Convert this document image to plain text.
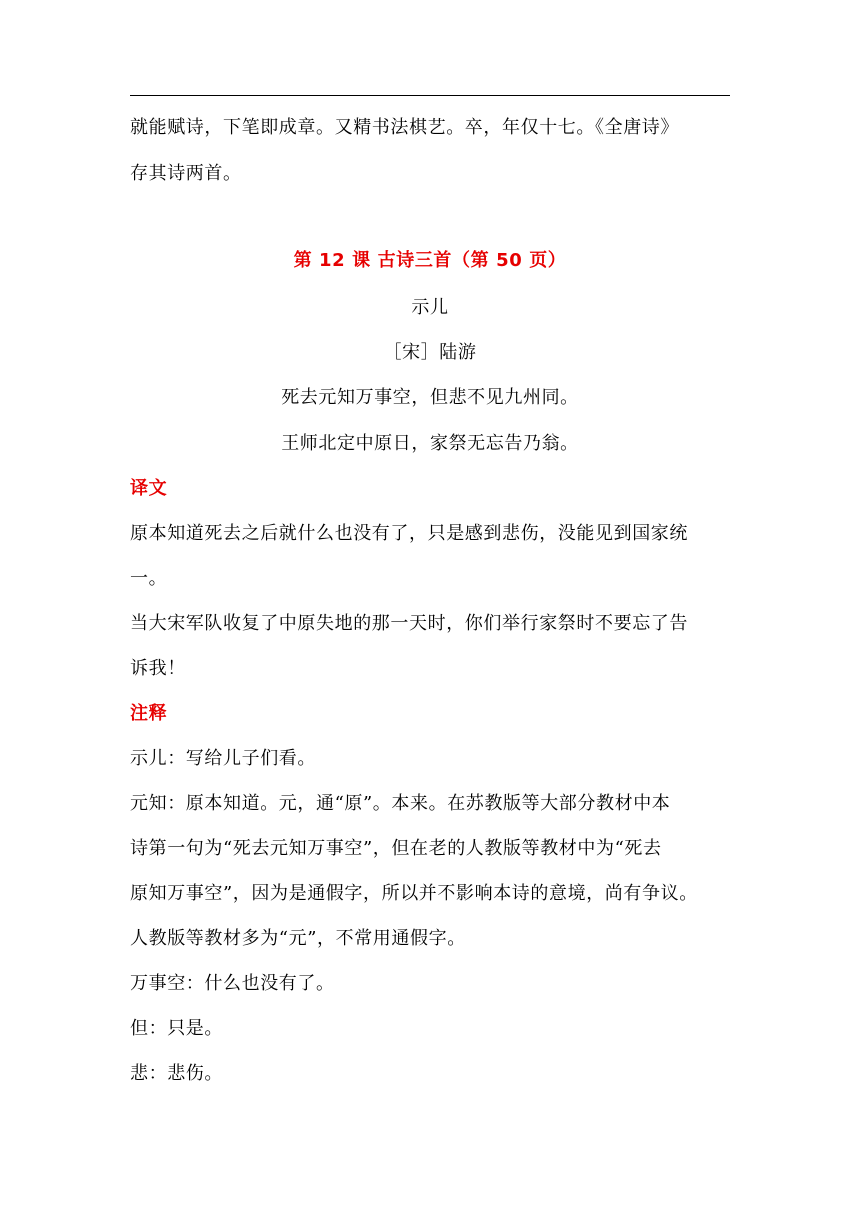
就能赋诗，下笔即成章。又精书法棋艺。卒，年仅十七。《全唐诗》
存其诗两首。
第 12 课 古诗三首（第 50 页）
示儿
［宋］陆游
死去元知万事空，但悲不见九州同。
王师北定中原日，家祭无忘告乃翁。
译文
原本知道死去之后就什么也没有了，只是感到悲伤，没能见到国家统
一。
当大宋军队收复了中原失地的那一天时，你们举行家祭时不要忘了告
诉我！
注释
示儿：写给儿子们看。
元知：原本知道。元，通“原”。本来。在苏教版等大部分教材中本
诗第一句为“死去元知万事空”，但在老的人教版等教材中为“死去
原知万事空”，因为是通假字，所以并不影响本诗的意境，尚有争议。
人教版等教材多为“元”，不常用通假字。
万事空：什么也没有了。
但：只是。
悲：悲伤。
